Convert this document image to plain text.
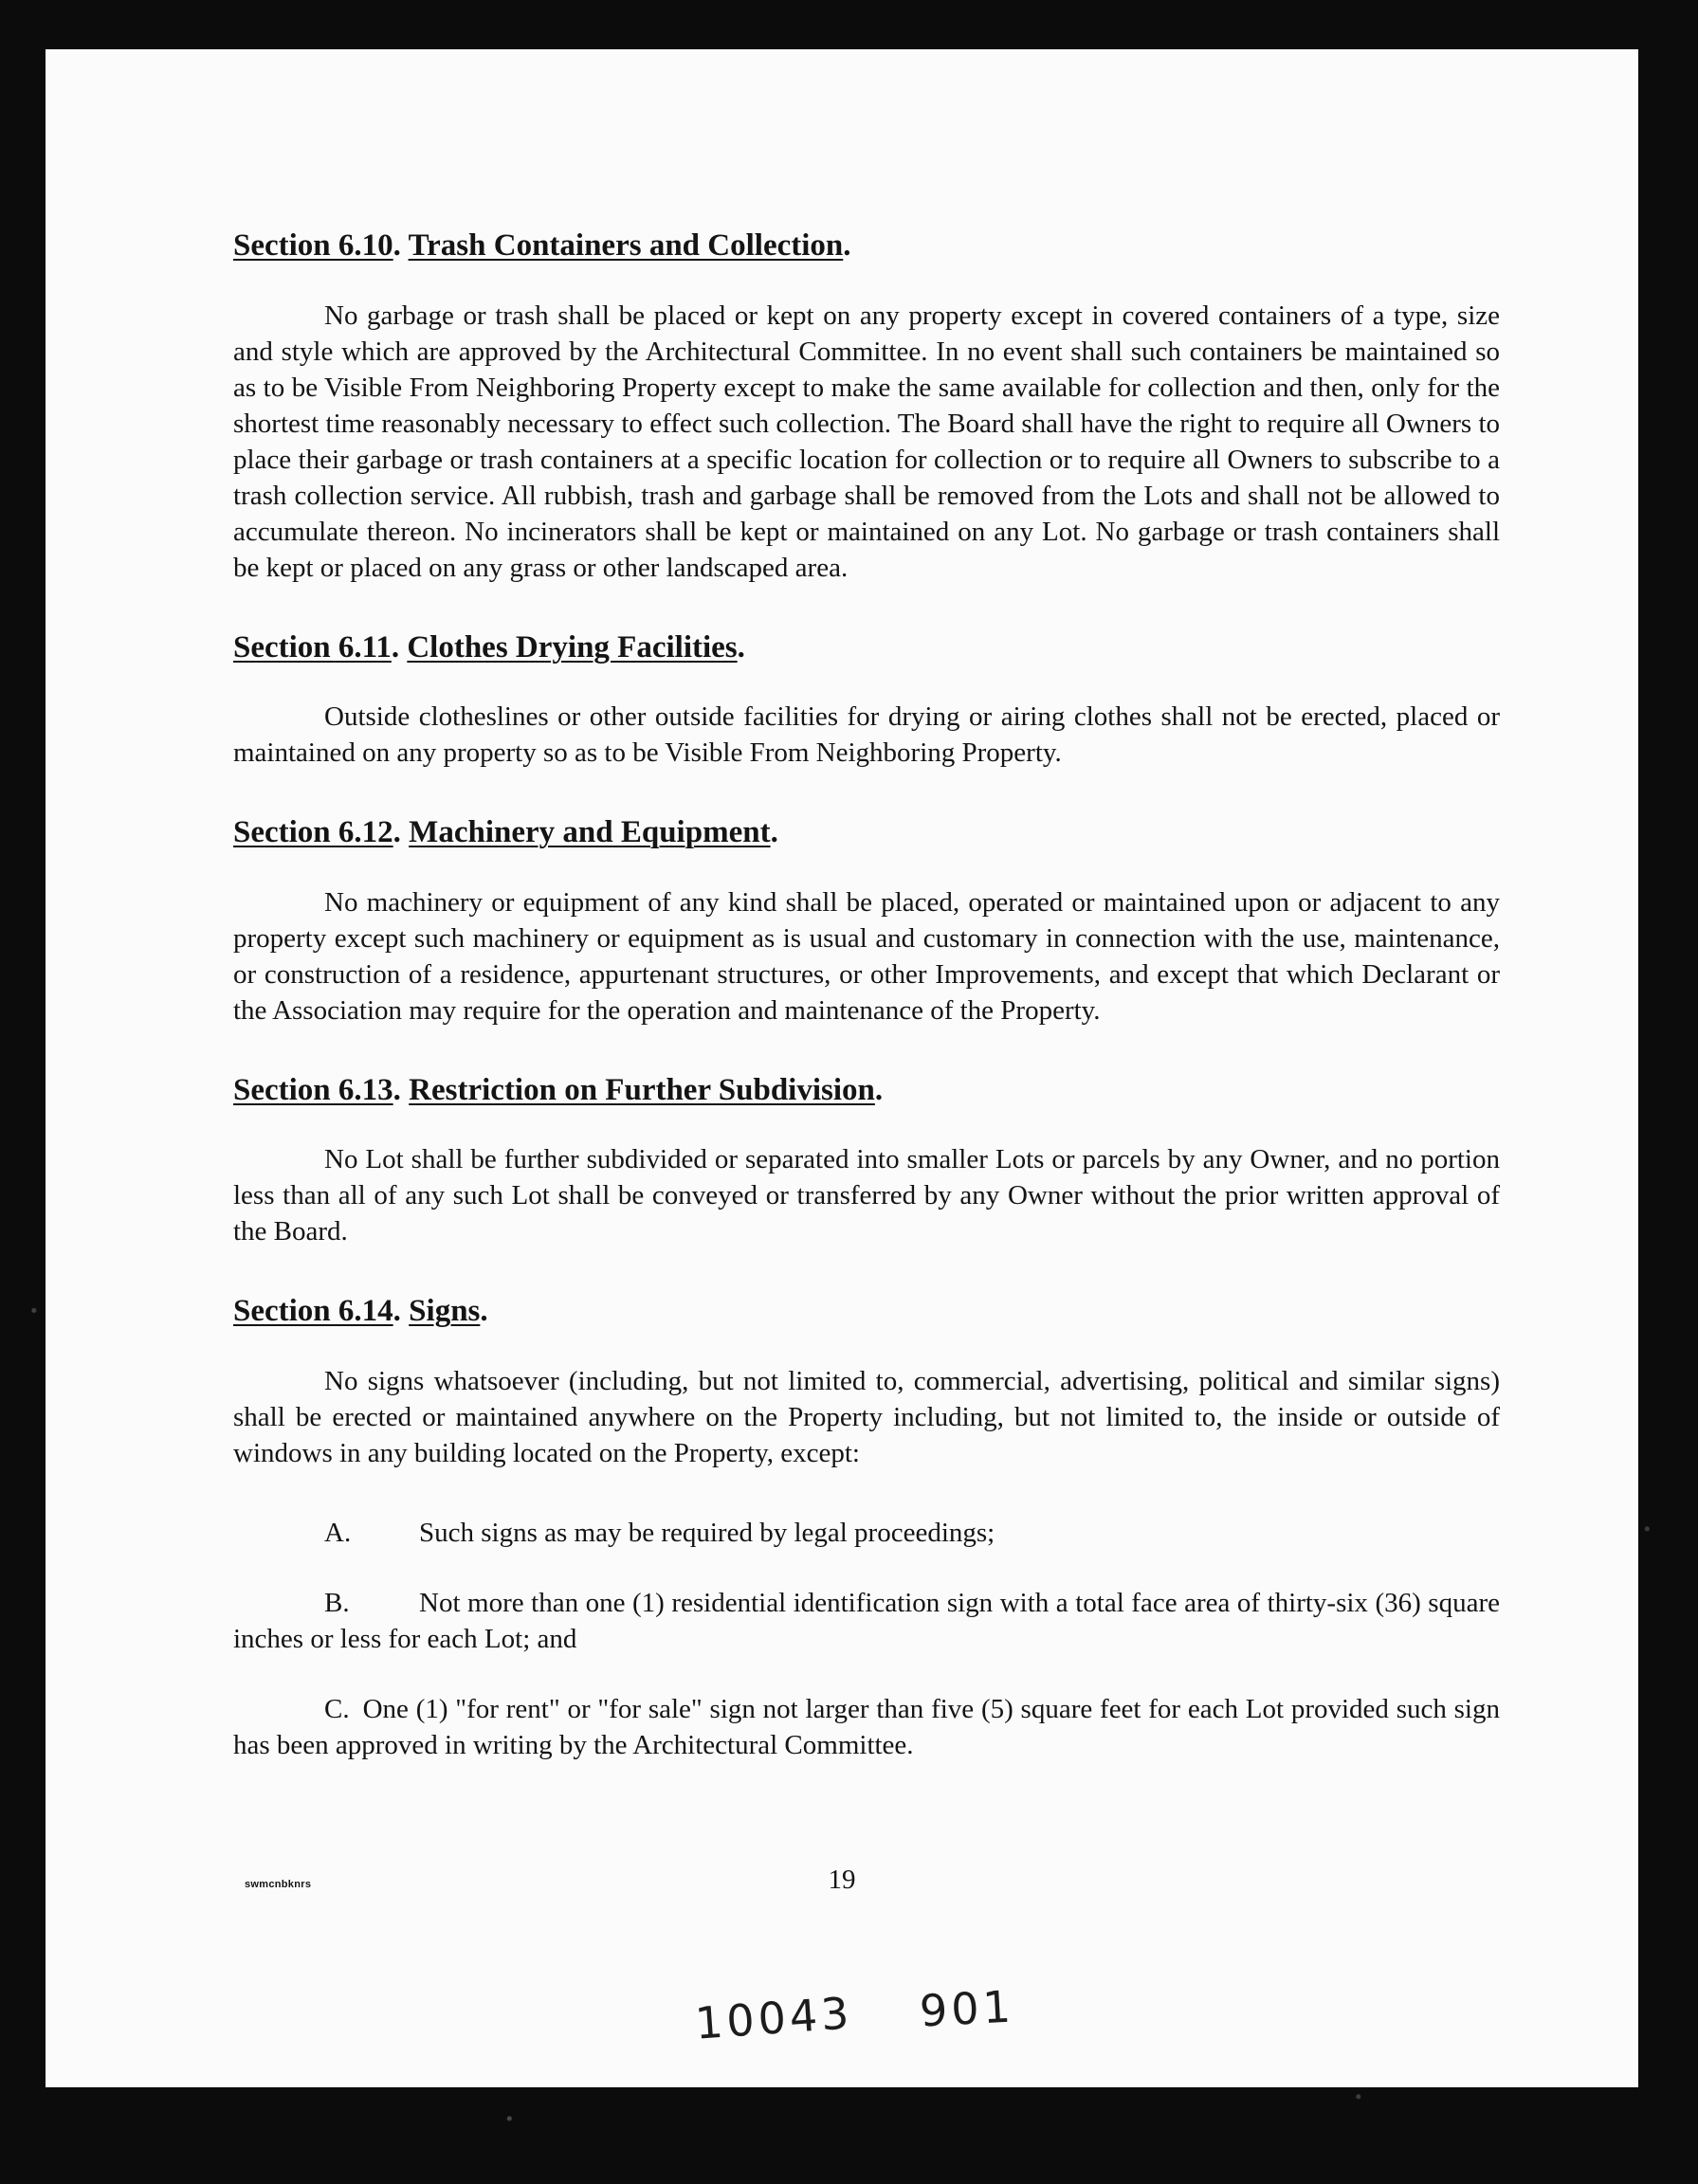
Section 6.10. Trash Containers and Collection.

No garbage or trash shall be placed or kept on any property except in covered containers of a type, size and style which are approved by the Architectural Committee. In no event shall such containers be maintained so as to be Visible From Neighboring Property except to make the same available for collection and then, only for the shortest time reasonably necessary to effect such collection. The Board shall have the right to require all Owners to place their garbage or trash containers at a specific location for collection or to require all Owners to subscribe to a trash collection service. All rubbish, trash and garbage shall be removed from the Lots and shall not be allowed to accumulate thereon. No incinerators shall be kept or maintained on any Lot. No garbage or trash containers shall be kept or placed on any grass or other landscaped area.

Section 6.11. Clothes Drying Facilities.

Outside clotheslines or other outside facilities for drying or airing clothes shall not be erected, placed or maintained on any property so as to be Visible From Neighboring Property.

Section 6.12. Machinery and Equipment.

No machinery or equipment of any kind shall be placed, operated or maintained upon or adjacent to any property except such machinery or equipment as is usual and customary in connection with the use, maintenance, or construction of a residence, appurtenant structures, or other Improvements, and except that which Declarant or the Association may require for the operation and maintenance of the Property.

Section 6.13. Restriction on Further Subdivision.

No Lot shall be further subdivided or separated into smaller Lots or parcels by any Owner, and no portion less than all of any such Lot shall be conveyed or transferred by any Owner without the prior written approval of the Board.

Section 6.14. Signs.

No signs whatsoever (including, but not limited to, commercial, advertising, political and similar signs) shall be erected or maintained anywhere on the Property including, but not limited to, the inside or outside of windows in any building located on the Property, except:

A. Such signs as may be required by legal proceedings;

B.	Not more than one (1) residential identification sign with a total face area of thirty-six (36) square inches or less for each Lot; and

C. One (1) "for rent" or "for sale" sign not larger than five (5) square feet for each Lot provided such sign has been approved in writing by the Architectural Committee.

swmcnbknrs	19
10043 901
